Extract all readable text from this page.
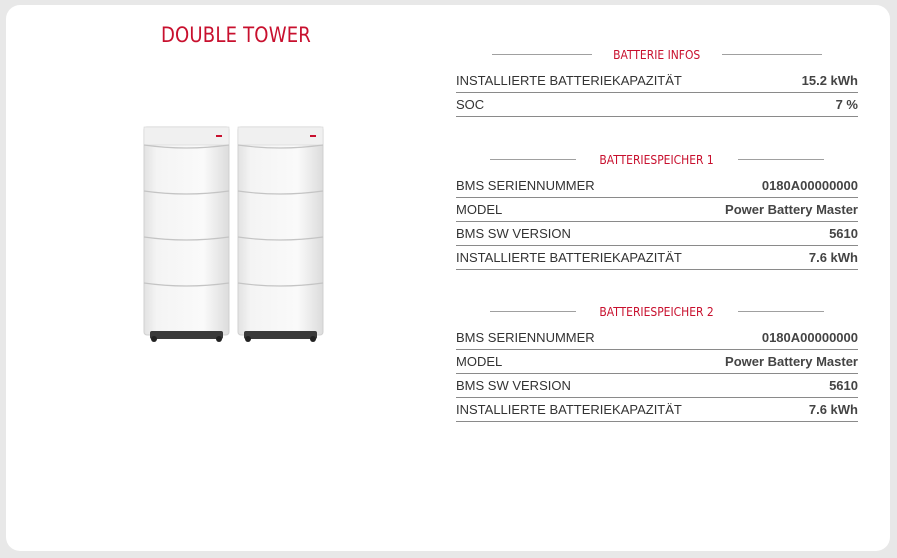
DOUBLE TOWER
BATTERIE INFOS
INSTALLIERTE BATTERIEKAPAZITÄT	15.2 kWh
SOC	7 %
BATTERIESPEICHER 1
BMS SERIENNUMMER	0180A00000000
MODEL	Power Battery Master
BMS SW VERSION	5610
INSTALLIERTE BATTERIEKAPAZITÄT	7.6 kWh
BATTERIESPEICHER 2
BMS SERIENNUMMER	0180A00000000
MODEL	Power Battery Master
BMS SW VERSION	5610
INSTALLIERTE BATTERIEKAPAZITÄT	7.6 kWh
